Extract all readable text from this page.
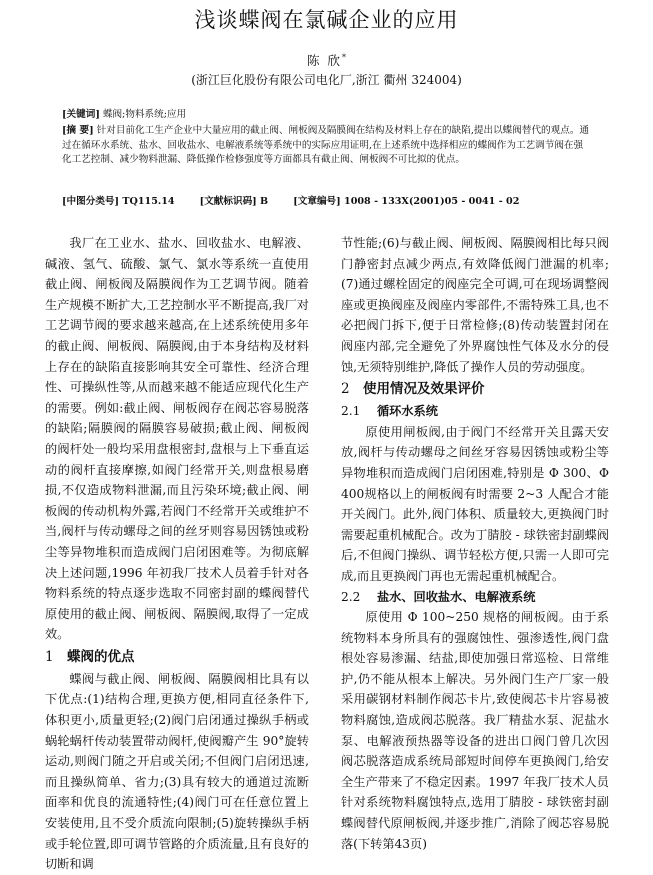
浅谈蝶阀在氯碱企业的应用
陈 欣*
(浙江巨化股份有限公司电化厂,浙江 衢州 324004)

[关键词] 蝶阀;物料系统;应用

[摘 要] 针对目前化工生产企业中大量应用的截止阀、闸板阀及隔膜阀在结构及材料上存在的缺陷,提出以蝶阀替代的观点。通过在循环水系统、盐水、回收盐水、电解液系统等系统中的实际应用证明,在上述系统中选择相应的蝶阀作为工艺调节阀在强化工艺控制、减少物料泄漏、降低操作检修强度等方面都具有截止阀、闸板阀不可比拟的优点。

[中图分类号] TQ115.14	[文献标识码] B	[文章编号] 1008 - 133X(2001)05 - 0041 - 02

我厂在工业水、盐水、回收盐水、电解液、碱液、氢气、硫酸、氯气、氯水等系统一直使用截止阀、闸板阀及隔膜阀作为工艺调节阀。随着生产规模不断扩大,工艺控制水平不断提高,我厂对工艺调节阀的要求越来越高,在上述系统使用多年的截止阀、闸板阀、隔膜阀,由于本身结构及材料上存在的缺陷直接影响其安全可靠性、经济合理性、可操纵性等,从而越来越不能适应现代化生产的需要。例如:截止阀、闸板阀存在阀芯容易脱落的缺陷;隔膜阀的隔膜容易破损;截止阀、闸板阀的阀杆处一般均采用盘根密封,盘根与上下垂直运动的阀杆直接摩擦,如阀门经常开关,则盘根易磨损,不仅造成物料泄漏,而且污染环境;截止阀、闸板阀的传动机构外露,若阀门不经常开关或维护不当,阀杆与传动螺母之间的丝牙则容易因锈蚀或粉尘等异物堆积而造成阀门启闭困难等。为彻底解决上述问题,1996 年初我厂技术人员着手针对各物料系统的特点逐步选取不同密封副的蝶阀替代原使用的截止阀、闸板阀、隔膜阀,取得了一定成效。

1 蝶阀的优点

蝶阀与截止阀、闸板阀、隔膜阀相比具有以下优点:(1)结构合理,更换方便,相同直径条件下,体积更小,质量更轻;(2)阀门启闭通过操纵手柄或蜗轮蜗杆传动装置带动阀杆,使阀瓣产生 90°旋转运动,则阀门随之开启或关闭;不但阀门启闭迅速,而且操纵简单、省力;(3)具有较大的通道过流断面率和优良的流通特性;(4)阀门可在任意位置上安装使用,且不受介质流向限制;(5)旋转操纵手柄或手轮位置,即可调节管路的介质流量,且有良好的切断和调

节性能;(6)与截止阀、闸板阀、隔膜阀相比每只阀门静密封点减少两点,有效降低阀门泄漏的机率;(7)通过螺栓固定的阀座完全可调,可在现场调整阀座或更换阀座及阀座内零部件,不需特殊工具,也不必把阀门拆下,便于日常检修;(8)传动装置封闭在阀座内部,完全避免了外界腐蚀性气体及水分的侵蚀,无须特别维护,降低了操作人员的劳动强度。

2 使用情况及效果评价
2.1 循环水系统

原使用闸板阀,由于阀门不经常开关且露天安放,阀杆与传动螺母之间丝牙容易因锈蚀或粉尘等异物堆积而造成阀门启闭困难,特别是 Φ 300、Φ 400规格以上的闸板阀有时需要 2~3 人配合才能开关阀门。此外,阀门体积、质量较大,更换阀门时需要起重机械配合。改为丁腈胶 - 球铁密封副蝶阀后,不但阀门操纵、调节轻松方便,只需一人即可完成,而且更换阀门再也无需起重机械配合。

2.2 盐水、回收盐水、电解液系统

原使用 Φ 100~250 规格的闸板阀。由于系统物料本身所具有的强腐蚀性、强渗透性,阀门盘根处容易渗漏、结盐,即使加强日常巡检、日常维护,仍不能从根本上解决。另外阀门生产厂家一般采用碳钢材料制作阀芯卡片,致使阀芯卡片容易被物料腐蚀,造成阀芯脱落。我厂精盐水泵、泥盐水泵、电解液预热器等设备的进出口阀门曾几次因阀芯脱落造成系统局部短时间停车更换阀门,给安全生产带来了不稳定因素。1997 年我厂技术人员针对系统物料腐蚀特点,选用丁腈胶 - 球铁密封副蝶阀替代原闸板阀,并逐步推广,消除了阀芯容易脱落(下转第43页)
